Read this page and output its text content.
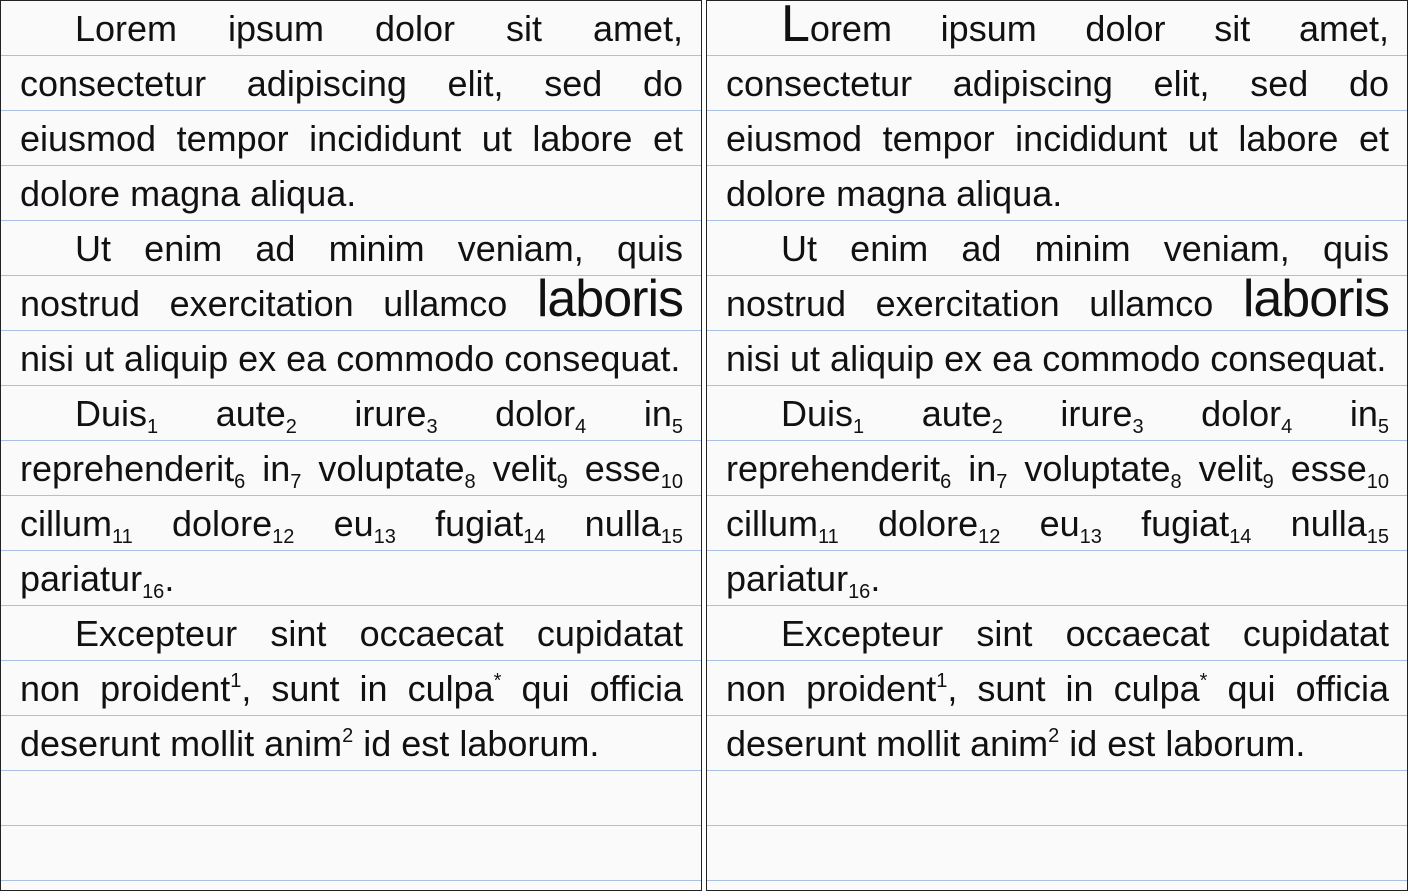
Lorem ipsum dolor sit amet, consectetur adipiscing elit, sed do eiusmod tempor incididunt ut labore et dolore magna aliqua.

Ut enim ad minim veniam, quis nostrud exercitation ullamco laboris nisi ut aliquip ex ea commodo consequat.

Duis$_1$ aute$_2$ irure$_3$ dolor$_4$ $in_5$ reprehenderit$_6$ $in_7$ voluptate$_8$ velit$_9$ esse$_{10}$ cillum$_{11}$ dolore$_{12}$ $eu_{13}$ fugiat$_{14}$ nulla$_{15}$ pariatur$_{16}$.

Excepteur sint occaecat cupidatat non proident$^1$, sunt in culpa* qui officia deserunt mollit anim$^2$ id est laborum.

Lorem ipsum dolor sit amet, consectetur adipiscing elit, sed do eiusmod tempor incididunt ut labore et dolore magna aliqua.

Ut enim ad minim veniam, quis nostrud exercitation ullamco laboris nisi ut aliquip ex ea commodo consequat.

Duis$_1$ aute$_2$ irure$_3$ dolor$_4$ $in_5$ reprehenderit$_6$ $in_7$ voluptate$_8$ velit$_9$ esse$_{10}$ cillum$_{11}$ dolore$_{12}$ $eu_{13}$ fugiat$_{14}$ nulla$_{15}$ pariatur$_{16}$.

Excepteur sint occaecat cupidatat non proident$^1$, sunt in culpa* qui officia deserunt mollit anim$^2$ id est laborum.
